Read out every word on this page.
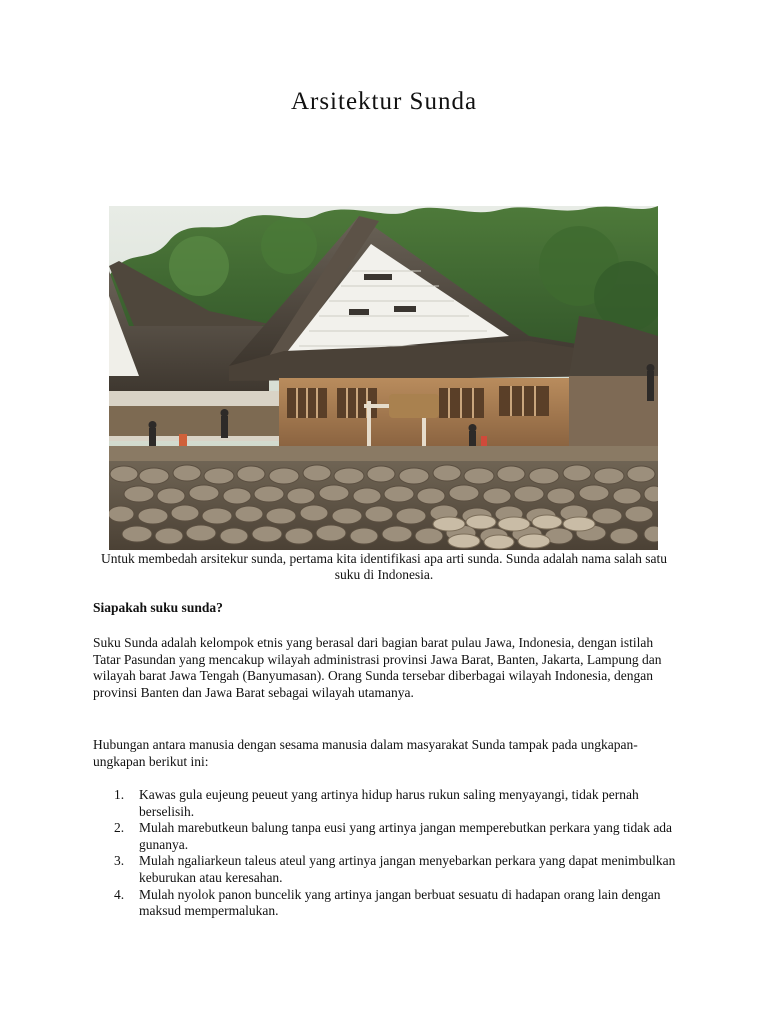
Arsitektur Sunda

Untuk membedah arsitekur sunda, pertama kita identifikasi apa arti sunda. Sunda adalah nama salah satu suku di Indonesia.

Siapakah suku sunda?

Suku Sunda adalah kelompok etnis yang berasal dari bagian barat pulau Jawa, Indonesia, dengan istilah Tatar Pasundan yang mencakup wilayah administrasi provinsi Jawa Barat, Banten, Jakarta, Lampung dan wilayah barat Jawa Tengah (Banyumasan). Orang Sunda tersebar diberbagai wilayah Indonesia, dengan provinsi Banten dan Jawa Barat sebagai wilayah utamanya.

Hubungan antara manusia dengan sesama manusia dalam masyarakat Sunda tampak pada ungkapan-ungkapan berikut ini:

1. Kawas gula eujeung peueut yang artinya hidup harus rukun saling menyayangi, tidak pernah berselisih.
2. Mulah marebutkeun balung tanpa eusi yang artinya jangan memperebutkan perkara yang tidak ada gunanya.
3. Mulah ngaliarkeun taleus ateul yang artinya jangan menyebarkan perkara yang dapat menimbulkan keburukan atau keresahan.
4. Mulah nyolok panon buncelik yang artinya jangan berbuat sesuatu di hadapan orang lain dengan maksud mempermalukan.
